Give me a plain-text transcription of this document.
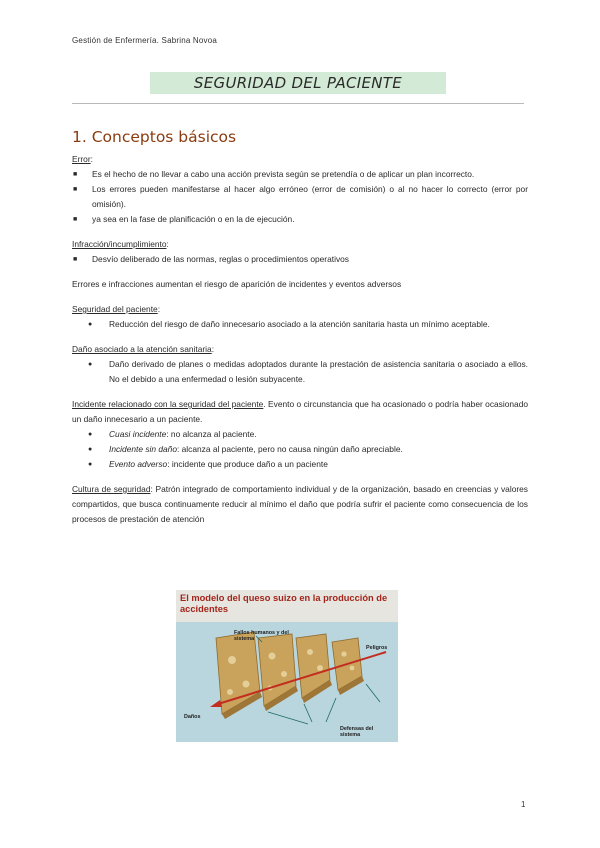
Gestión de Enfermería. Sabrina Novoa
SEGURIDAD DEL PACIENTE
1. Conceptos básicos

Error:

■ Es el hecho de no llevar a cabo una acción prevista según se pretendía o de aplicar un plan incorrecto.
■ Los errores pueden manifestarse al hacer algo erróneo (error de comisión) o al no hacer lo correcto (error por omisión).
■ ya sea en la fase de planificación o en la de ejecución.

Infracción/incumplimiento:

■ Desvío deliberado de las normas, reglas o procedimientos operativos

Errores e infracciones aumentan el riesgo de aparición de incidentes y eventos adversos

Seguridad del paciente:

● Reducción del riesgo de daño innecesario asociado a la atención sanitaria hasta un mínimo aceptable.

Daño asociado a la atención sanitaria:

● Daño derivado de planes o medidas adoptados durante la prestación de asistencia sanitaria o asociado a ellos. No el debido a una enfermedad o lesión subyacente.

Incidente relacionado con la seguridad del paciente. Evento o circunstancia que ha ocasionado o podría haber ocasionado un daño innecesario a un paciente.

● Cuasi incidente: no alcanza al paciente.
● Incidente sin daño: alcanza al paciente, pero no causa ningún daño apreciable.
● Evento adverso: incidente que produce daño a un paciente

Cultura de seguridad: Patrón integrado de comportamiento individual y de la organización, basado en creencias y valores compartidos, que busca continuamente reducir al mínimo el daño que podría sufrir el paciente como consecuencia de los procesos de prestación de atención

El modelo del queso suizo en la producción de accidentes
Fallos humanos y del sistema
Peligros
Daños
Defensas del sistema
1
